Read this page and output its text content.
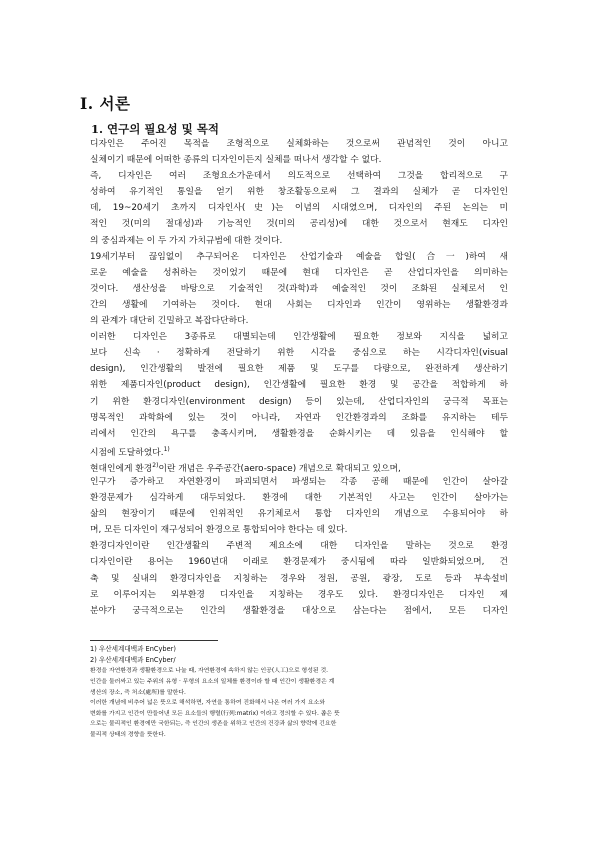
Ⅰ. 서론
1. 연구의 필요성 및 목적
디자인은 주어진 목적을 조형적으로 실체화하는 것으로써 관념적인 것이 아니고
실체이기 때문에 어떠한 종류의 디자인이든지 실체를 떠나서 생각할 수 없다.
즉, 디자인은 여러 조형요소가운데서 의도적으로 선택하여 그것을 합리적으로 구
성하여 유기적인 통일을 얻기 위한 창조활동으로써 그 결과의 실체가 곧 디자인인
데, 19~20세기 초까지 디자인사(史)는 이념의 시대였으며, 디자인의 주된 논의는 미
적인 것(미의 절대성)과 기능적인 것(미의 공리성)에 대한 것으로서 현재도 디자인
의 중심과제는 이 두 가지 가치규범에 대한 것이다.
19세기부터 끊임없이 추구되어온 디자인은 산업기술과 예술을 합일(合一)하여 새
로운 예술을 성취하는 것이었기 때문에 현대 디자인은 곧 산업디자인을 의미하는
것이다. 생산성을 바탕으로 기술적인 것(과학)과 예술적인 것이 조화된 실체로서 인
간의 생활에 기여하는 것이다. 현대 사회는 디자인과 인간이 영위하는 생활환경과
의 관계가 대단히 긴밀하고 복잡다단하다.
이러한 디자인은 3종류로 대별되는데 인간생활에 필요한 정보와 지식을 넓히고
보다 신속 · 정확하게 전달하기 위한 시각을 중심으로 하는 시각디자인(visual
design), 인간생활의 발전에 필요한 제품 및 도구를 다량으로, 완전하게 생산하기
위한 제품디자인(product design), 인간생활에 필요한 환경 및 공간을 적합하게 하
기 위한 환경디자인(environment design) 등이 있는데, 산업디자인의 궁극적 목표는
명목적인 과학화에 있는 것이 아니라, 자연과 인간환경과의 조화를 유지하는 테두
리에서 인간의 욕구를 충족시키며, 생활환경을 순화시키는 데 있음을 인식해야 할
시점에 도달하였다.$^{1)}$
현대인에게 환경$^{2)}$이란 개념은 우주공간(aero-space) 개념으로 확대되고 있으며,
인구가 증가하고 자연환경이 파괴되면서 파생되는 각종 공해 때문에 인간이 살아갈
환경문제가 심각하게 대두되었다. 환경에 대한 기본적인 사고는 인간이 살아가는
삶의 현장이기 때문에 인위적인 유기체로서 통합 디자인의 개념으로 수용되어야 하
며, 모든 디자인이 재구성되어 환경으로 통합되어야 한다는 데 있다.
환경디자인이란 인간생활의 주변적 제요소에 대한 디자인을 말하는 것으로 환경
디자인이란 용어는 1960년대 이래로 환경문제가 중시됨에 따라 일반화되었으며, 건
축 및 실내의 환경디자인을 지칭하는 경우와 정원, 공원, 광장, 도로 등과 부속설비
로 이루어지는 외부환경 디자인을 지칭하는 경우도 있다. 환경디자인은 디자인 제
분야가 궁극적으로는 인간의 생활환경을 대상으로 삼는다는 점에서, 모든 디자인
1) 우산세계대백과 EnCyber)
2) 우산세계대백과 EnCyber/
환경을 자연환경과 생활환경으로 나눌 때, 자연환경에 속하지 않는 인공(人工)으로 형성된 것.
인간을 둘러싸고 있는 주위의 유형 · 무형의 요소의 일체를 환경이라 할 때 인간이 생활환경은 계
생산의 장소, 즉 처소(處所)를 말한다.
이러한 개념에 비추어 넓은 뜻으로 해석하면, 자연을 통하여 진화해서 나온 여러 가지 요소와
변화를 가지고 인간이 만들어낸 모든 요소들의 행렬(行列:matrix) 이라고 정의할 수 있다. 좁은 뜻
으로는 물리적인 환경에만 국한되는, 즉 인간의 생존을 위하고 인간의 건강과 삶의 향락에 긴요한
물리적 상태의 경향을 뜻한다.
